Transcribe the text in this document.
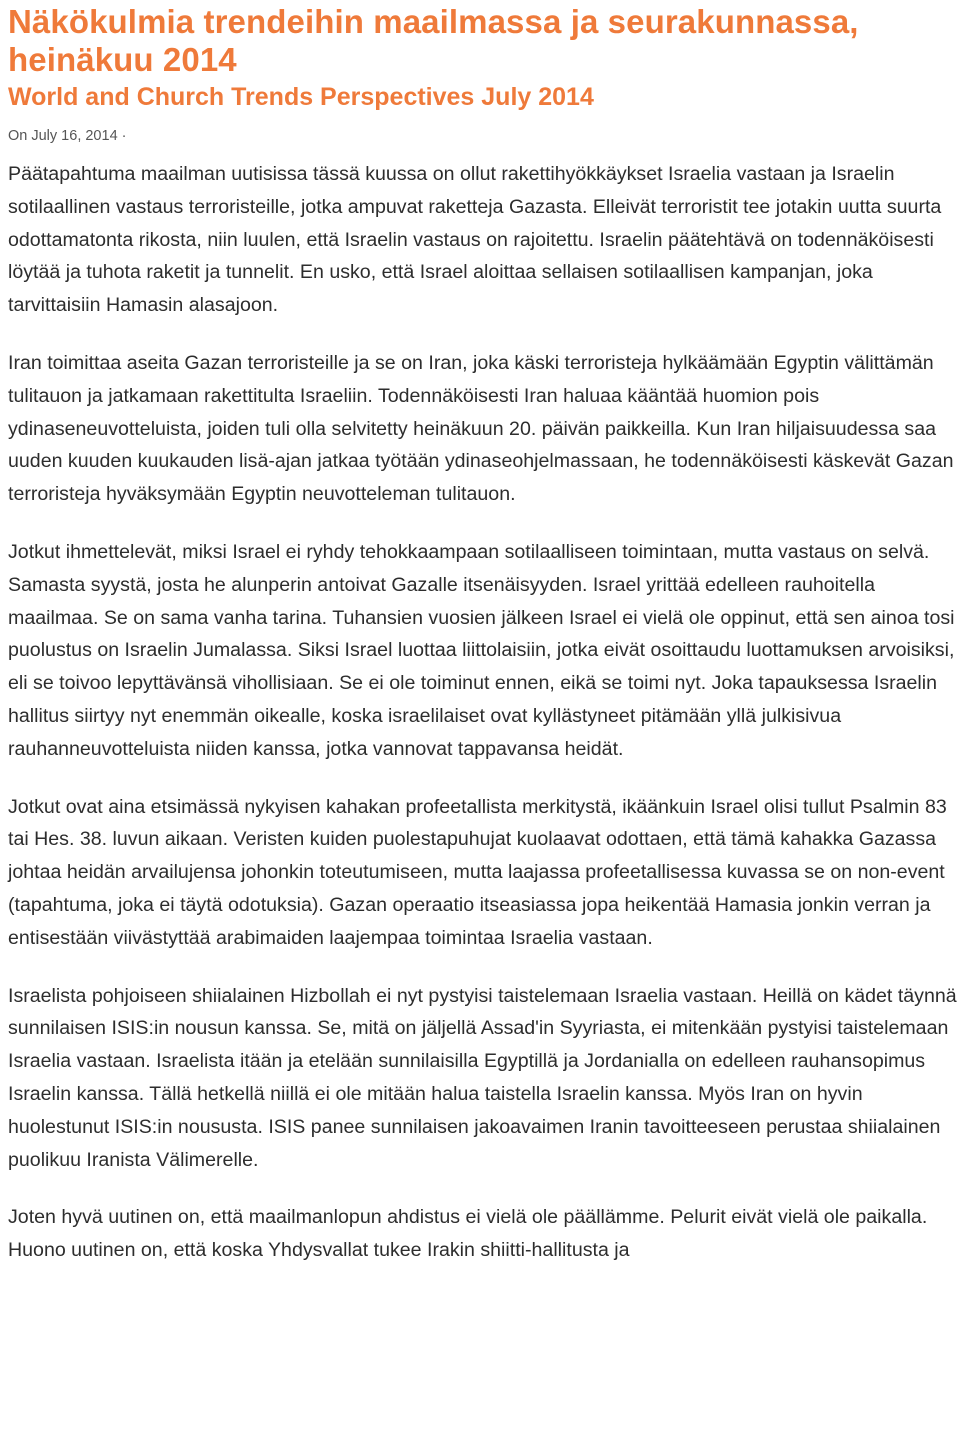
Näkökulmia trendeihin maailmassa ja seurakunnassa, heinäkuu 2014
World and Church Trends Perspectives July 2014
On July 16, 2014 ·

Päätapahtuma maailman uutisissa tässä kuussa on ollut rakettihyökkäykset Israelia vastaan ja Israelin sotilaallinen vastaus terroristeille, jotka ampuvat raketteja Gazasta. Elleivät terroristit tee jotakin uutta suurta odottamatonta rikosta, niin luulen, että Israelin vastaus on rajoitettu. Israelin päätehtävä on todennäköisesti löytää ja tuhota raketit ja tunnelit. En usko, että Israel aloittaa sellaisen sotilaallisen kampanjan, joka tarvittaisiin Hamasin alasajoon.

Iran toimittaa aseita Gazan terroristeille ja se on Iran, joka käski terroristeja hylkäämään Egyptin välittämän tulitauon ja jatkamaan rakettitulta Israeliin. Todennäköisesti Iran haluaa kääntää huomion pois ydinaseneuvotteluista, joiden tuli olla selvitetty heinäkuun 20. päivän paikkeilla. Kun Iran hiljaisuudessa saa uuden kuuden kuukauden lisä-ajan jatkaa työtään ydinaseohjelmassaan, he todennäköisesti käskevät Gazan terroristeja hyväksymään Egyptin neuvotteleman tulitauon.

Jotkut ihmettelevät, miksi Israel ei ryhdy tehokkaampaan sotilaalliseen toimintaan, mutta vastaus on selvä. Samasta syystä, josta he alunperin antoivat Gazalle itsenäisyyden. Israel yrittää edelleen rauhoitella maailmaa. Se on sama vanha tarina. Tuhansien vuosien jälkeen Israel ei vielä ole oppinut, että sen ainoa tosi puolustus on Israelin Jumalassa. Siksi Israel luottaa liittolaisiin, jotka eivät osoittaudu luottamuksen arvoisiksi, eli se toivoo lepyttävänsä vihollisiaan. Se ei ole toiminut ennen, eikä se toimi nyt. Joka tapauksessa Israelin hallitus siirtyy nyt enemmän oikealle, koska israelilaiset ovat kyllästyneet pitämään yllä julkisivua rauhanneuvotteluista niiden kanssa, jotka vannovat tappavansa heidät.

Jotkut ovat aina etsimässä nykyisen kahakan profeetallista merkitystä, ikäänkuin Israel olisi tullut Psalmin 83 tai Hes. 38. luvun aikaan. Veristen kuiden puolestapuhujat kuolaavat odottaen, että tämä kahakka Gazassa johtaa heidän arvailujensa johonkin toteutumiseen, mutta laajassa profeetallisessa kuvassa se on non-event (tapahtuma, joka ei täytä odotuksia). Gazan operaatio itseasiassa jopa heikentää Hamasia jonkin verran ja entisestään viivästyttää arabimaiden laajempaa toimintaa Israelia vastaan.

Israelista pohjoiseen shiialainen Hizbollah ei nyt pystyisi taistelemaan Israelia vastaan. Heillä on kädet täynnä sunnilaisen ISIS:in nousun kanssa. Se, mitä on jäljellä Assad'in Syyriasta, ei mitenkään pystyisi taistelemaan Israelia vastaan. Israelista itään ja etelään sunnilaisilla Egyptillä ja Jordanialla on edelleen rauhansopimus Israelin kanssa. Tällä hetkellä niillä ei ole mitään halua taistella Israelin kanssa. Myös Iran on hyvin huolestunut ISIS:in noususta. ISIS panee sunnilaisen jakoavaimen Iranin tavoitteeseen perustaa shiialainen puolikuu Iranista Välimerelle.

Joten hyvä uutinen on, että maailmanlopun ahdistus ei vielä ole päällämme. Pelurit eivät vielä ole paikalla. Huono uutinen on, että koska Yhdysvallat tukee Irakin shiitti-hallitusta ja
